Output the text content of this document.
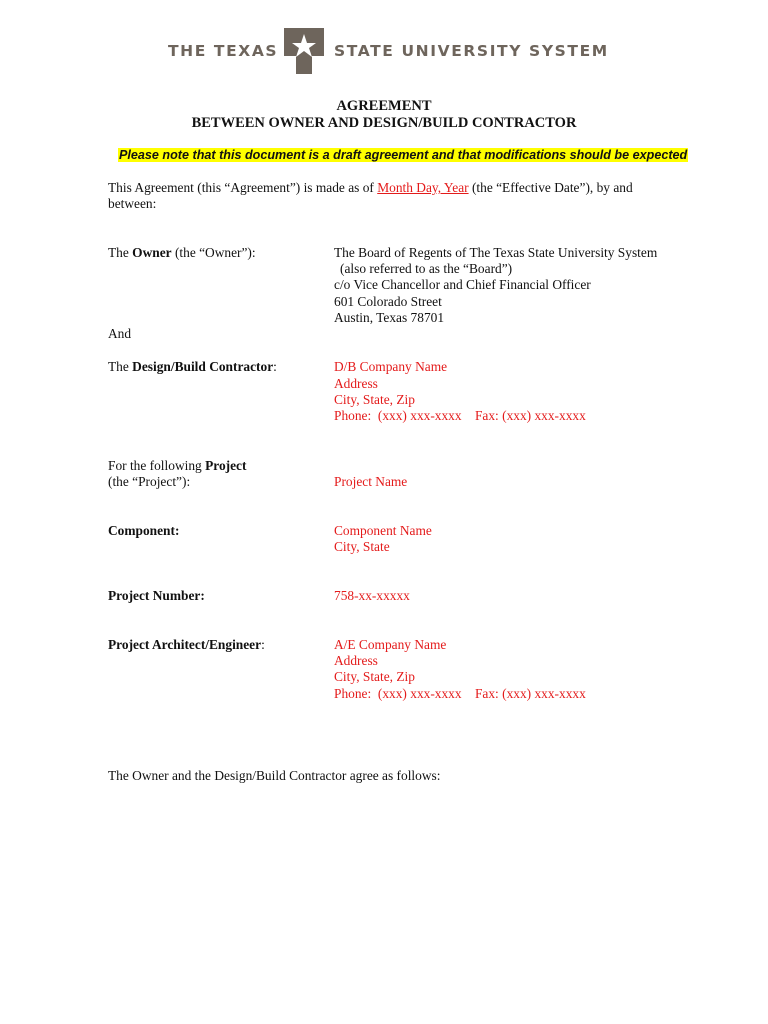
THE TEXAS	STATE UNIVERSITY SYSTEM
AGREEMENT
BETWEEN OWNER AND DESIGN/BUILD CONTRACTOR
Please note that this document is a draft agreement and that modifications should be expected
This Agreement (this “Agreement”) is made as of Month Day, Year (the “Effective Date”), by and
between:
The Owner (the “Owner”):	The Board of Regents of The Texas State University System
(also referred to as the “Board”)
c/o Vice Chancellor and Chief Financial Officer
601 Colorado Street
Austin, Texas 78701
And
The Design/Build Contractor:	D/B Company Name
Address
City, State, Zip
Phone:  (xxx) xxx-xxxx    Fax: (xxx) xxx-xxxx
For the following Project
(the “Project”):	Project Name
Component:	Component Name
City, State
Project Number:	758-xx-xxxxx
Project Architect/Engineer:	A/E Company Name
Address
City, State, Zip
Phone:  (xxx) xxx-xxxx    Fax: (xxx) xxx-xxxx
The Owner and the Design/Build Contractor agree as follows:
